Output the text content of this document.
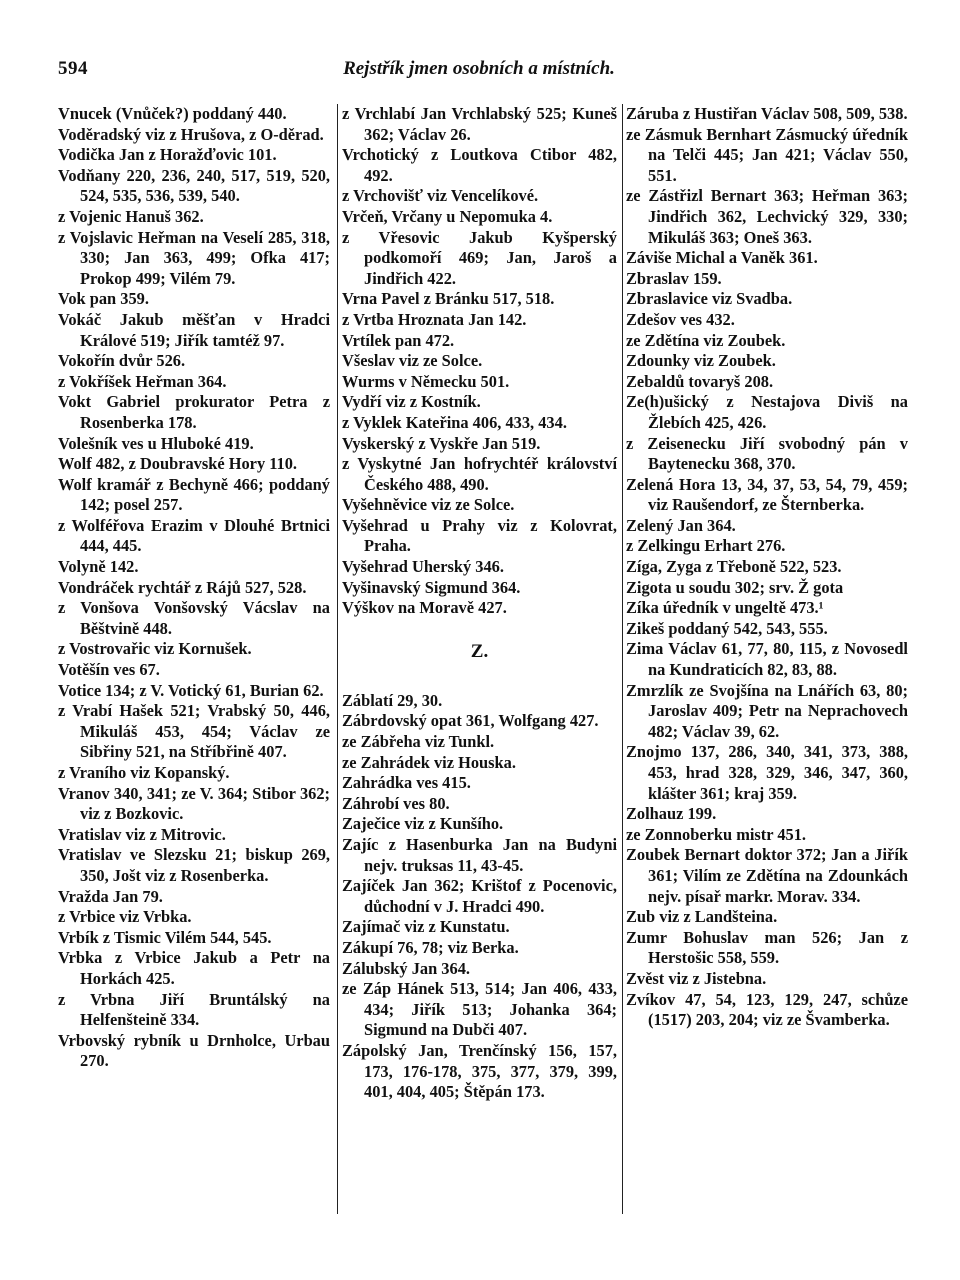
594	Rejstřík jmen osobních a místních.

Vnucek (Vnůček?) poddaný 440.

Voděradský viz z Hrušova, z O-děrad.

Vodička Jan z Horažďovic 101.

Vodňany 220, 236, 240, 517, 519, 520, 524, 535, 536, 539, 540.

z Vojenic Hanuš 362.

z Vojslavic Heřman na Veselí 285, 318, 330; Jan 363, 499; Ofka 417; Prokop 499; Vilém 79.

Vok pan 359.

Vokáč Jakub měšťan v Hradci Králové 519; Jiřík tamtéž 97.

Vokořín dvůr 526.

z Vokříšek Heřman 364.

Vokt Gabriel prokurator Petra z Rosenberka 178.

Volešník ves u Hluboké 419.

Wolf 482, z Doubravské Hory 110.

Wolf kramář z Bechyně 466; poddaný 142; posel 257.

z Wolféřova Erazim v Dlouhé Brtnici 444, 445.

Volyně 142.

Vondráček rychtář z Rájů 527, 528.

z Vonšova Vonšovský Vácslav na Běštvině 448.

z Vostrovařic viz Kornušek.

Votěšín ves 67.

Votice 134; z V. Votický 61, Burian 62.

z Vrabí Hašek 521; Vrabský 50, 446, Mikuláš 453, 454; Václav ze Sibřiny 521, na Stříbřině 407.

z Vraního viz Kopanský.

Vranov 340, 341; ze V. 364; Stibor 362; viz z Bozkovic.

Vratislav viz z Mitrovic.

Vratislav ve Slezsku 21; biskup 269, 350, Jošt viz z Rosenberka.

Vražda Jan 79.

z Vrbice viz Vrbka.

Vrbík z Tismic Vilém 544, 545.

Vrbka z Vrbice Jakub a Petr na Horkách 425.

z Vrbna Jiří Bruntálský na Helfenšteině 334.

Vrbovský rybník u Drnholce, Urbau 270.

z Vrchlabí Jan Vrchlabský 525; Kuneš 362; Václav 26.

Vrchotický z Loutkova Ctibor 482, 492.

z Vrchovišť viz Vencelíkové.

Vrčeň, Vrčany u Nepomuka 4.

z Vřesovic Jakub Kyšperský podkomoří 469; Jan, Jaroš a Jindřich 422.

Vrna Pavel z Bránku 517, 518.

z Vrtba Hroznata Jan 142.

Vrtílek pan 472.

Všeslav viz ze Solce.

Wurms v Německu 501.

Vydří viz z Kostník.

z Vyklek Kateřina 406, 433, 434.

Vyskerský z Vyskře Jan 519.

z Vyskytné Jan hofrychtéř království Českého 488, 490.

Vyšehněvice viz ze Solce.

Vyšehrad u Prahy viz z Kolovrat, Praha.

Vyšehrad Uherský 346.

Vyšinavský Sigmund 364.

Výškov na Moravě 427.

Z.

Záblatí 29, 30.

Zábrdovský opat 361, Wolfgang 427.

ze Zábřeha viz Tunkl.

ze Zahrádek viz Houska.

Zahrádka ves 415.

Záhrobí ves 80.

Zaječice viz z Kunšího.

Zajíc z Hasenburka Jan na Budyni nejv. truksas 11, 43-45.

Zajíček Jan 362; Krištof z Pocenovic, důchodní v J. Hradci 490.

Zajímač viz z Kunstatu.

Zákupí 76, 78; viz Berka.

Zálubský Jan 364.

ze Záp Hánek 513, 514; Jan 406, 433, 434; Jiřík 513; Johanka 364; Sigmund na Dubči 407.

Zápolský Jan, Trenčínský 156, 157, 173, 176-178, 375, 377, 379, 399, 401, 404, 405; Štěpán 173.

Záruba z Hustiřan Václav 508, 509, 538.

ze Zásmuk Bernhart Zásmucký úředník na Telči 445; Jan 421; Václav 550, 551.

ze Zástřizl Bernart 363; Heřman 363; Jindřich 362, Lechvický 329, 330; Mikuláš 363; Oneš 363.

Záviše Michal a Vaněk 361.

Zbraslav 159.

Zbraslavice viz Svadba.

Zdešov ves 432.

ze Zdětína viz Zoubek.

Zdounky viz Zoubek.

Zebaldů tovaryš 208.

Ze(h)ušický z Nestajova Diviš na Žlebích 425, 426.

z Zeisenecku Jiří svobodný pán v Baytenecku 368, 370.

Zelená Hora 13, 34, 37, 53, 54, 79, 459; viz Raušendorf, ze Šternberka.

Zelený Jan 364.

z Zelkingu Erhart 276.

Zíga, Zyga z Třeboně 522, 523.

Zigota u soudu 302; srv. Ž gota

Zíka úředník v ungeltě 473.¹

Zikeš poddaný 542, 543, 555.

Zima Václav 61, 77, 80, 115, z Novosedl na Kundraticích 82, 83, 88.

Zmrzlík ze Svojšína na Lnářích 63, 80; Jaroslav 409; Petr na Neprachovech 482; Václav 39, 62.

Znojmo 137, 286, 340, 341, 373, 388, 453, hrad 328, 329, 346, 347, 360, klášter 361; kraj 359.

Zolhauz 199.

ze Zonnoberku mistr 451.

Zoubek Bernart doktor 372; Jan a Jiřík 361; Vilím ze Zdětína na Zdounkách nejv. písař markr. Morav. 334.

Zub viz z Landšteina.

Zumr Bohuslav man 526; Jan z Herstošic 558, 559.

Zvěst viz z Jistebna.

Zvíkov 47, 54, 123, 129, 247, schůze (1517) 203, 204; viz ze Švamberka.
